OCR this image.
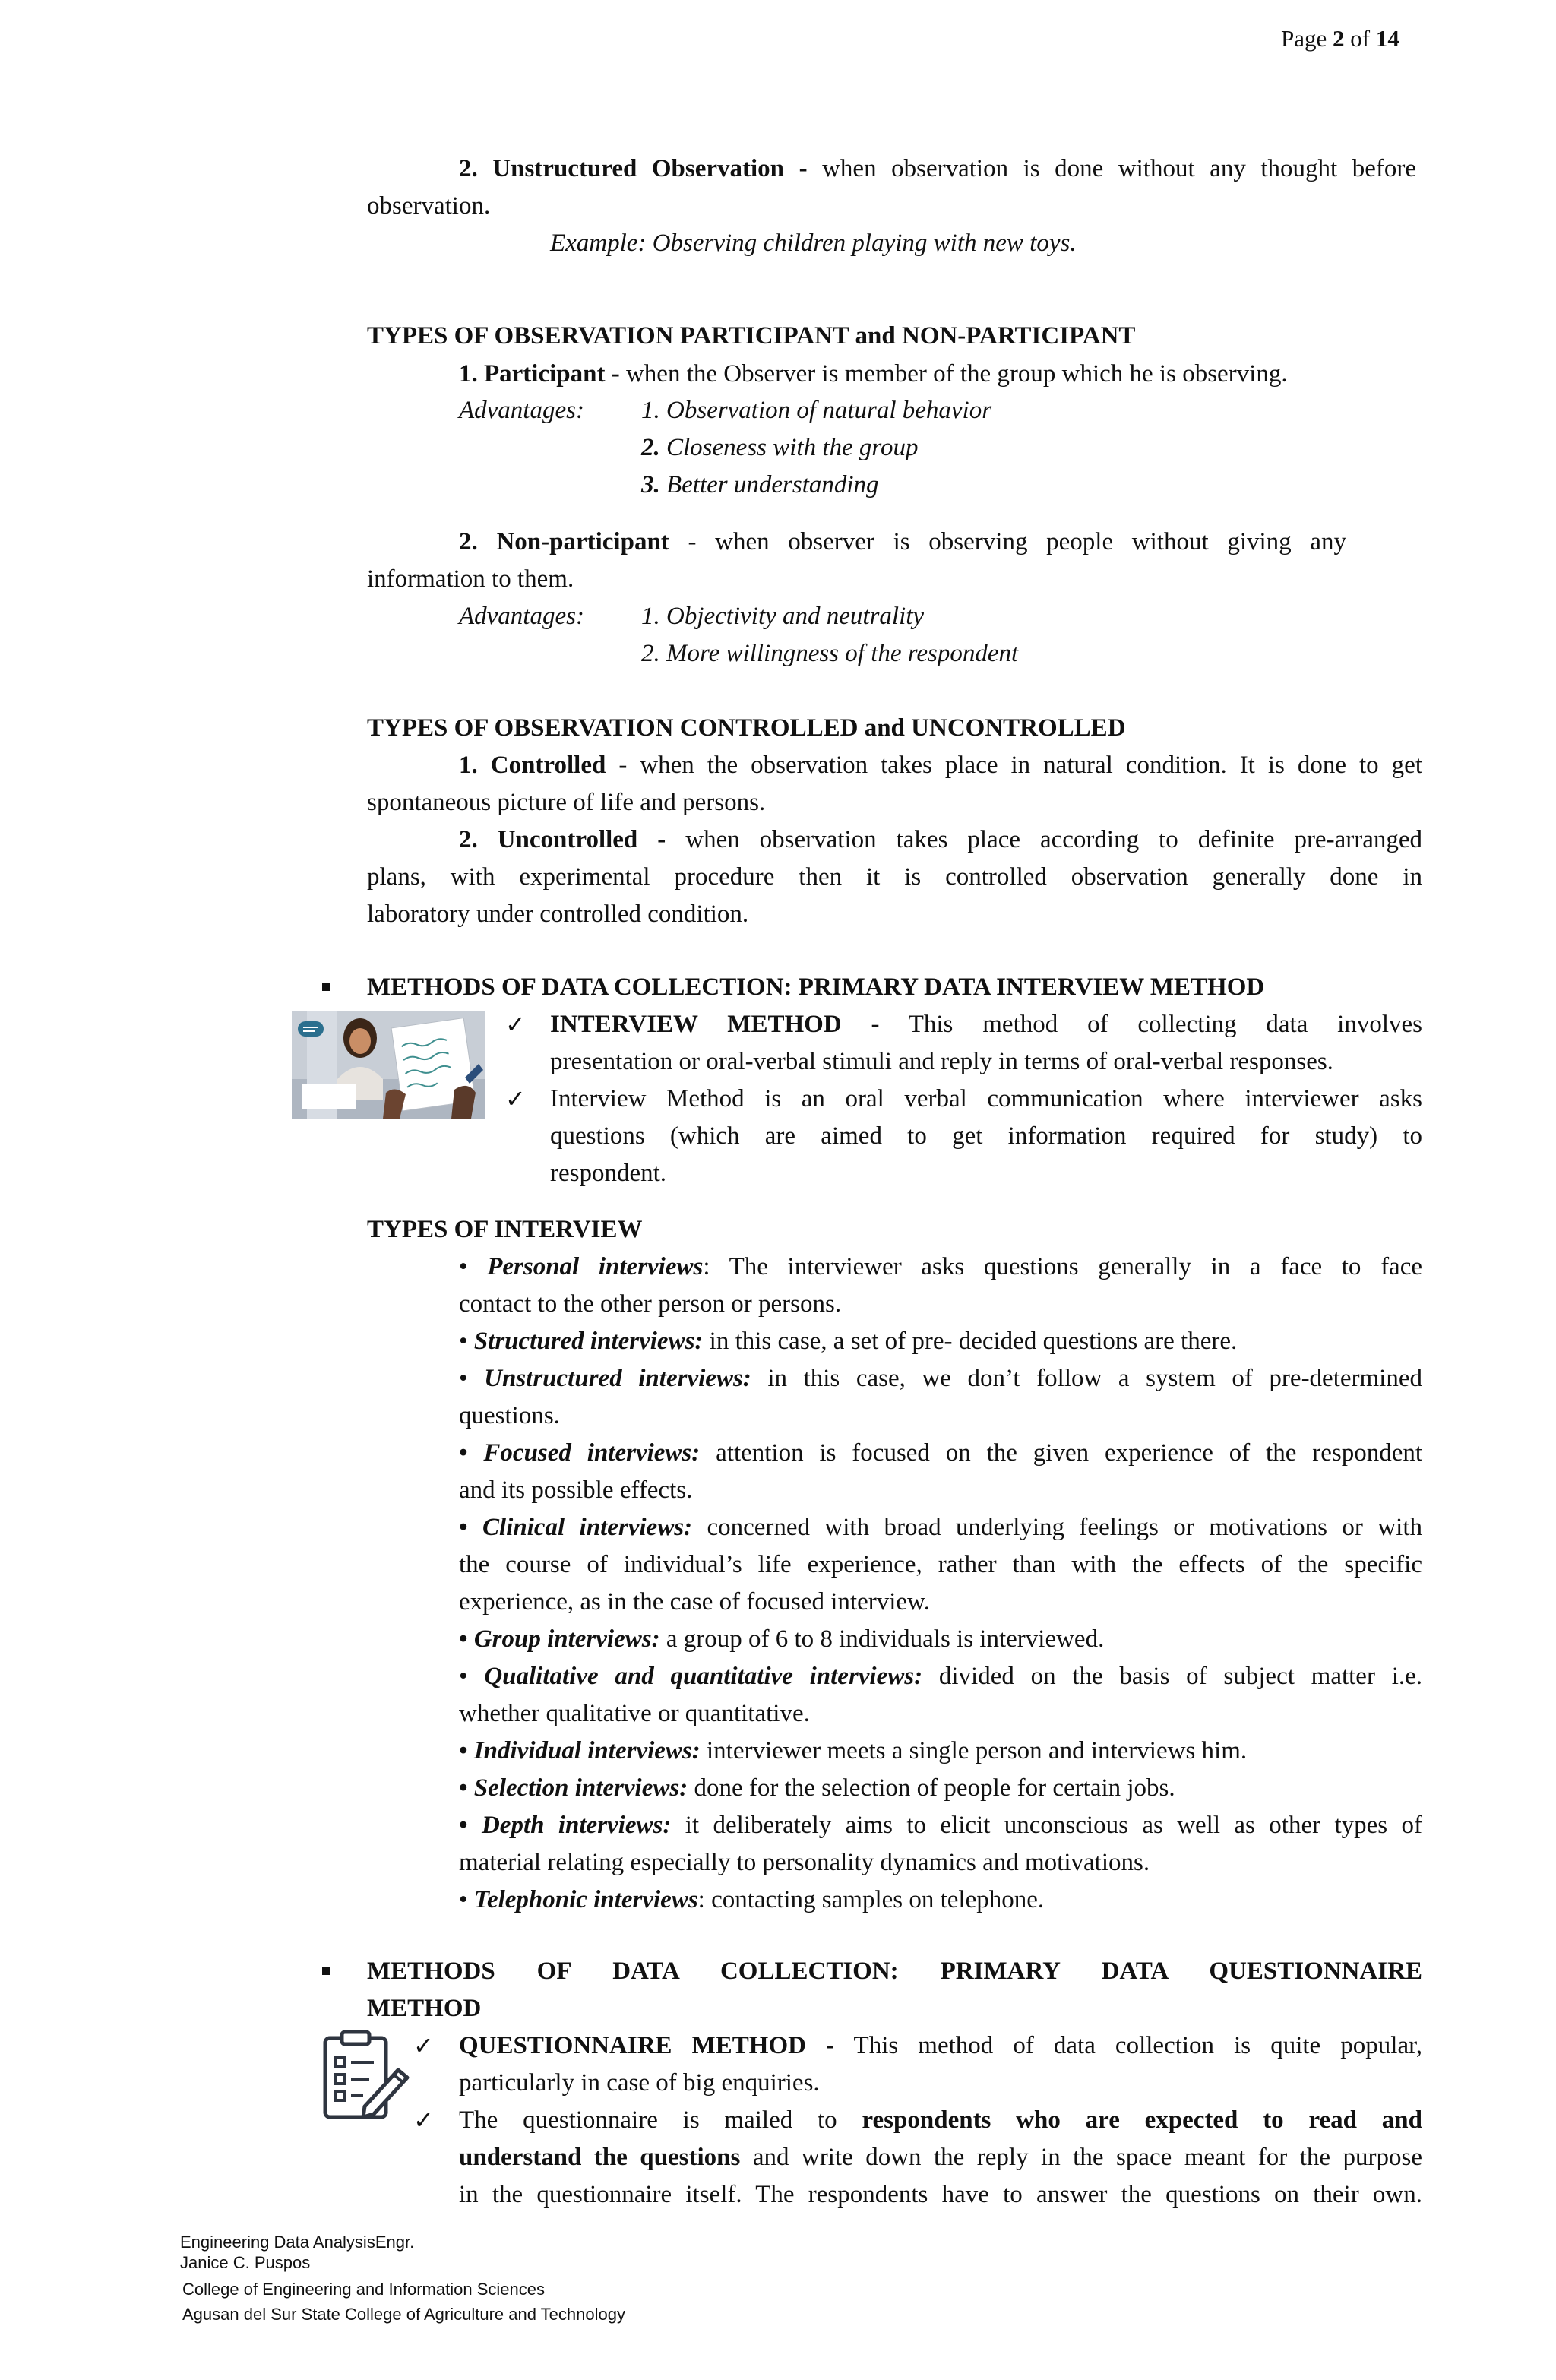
Page 2 of 14
2. Unstructured Observation - when observation is done without any thought before
observation.
Example: Observing children playing with new toys.
TYPES OF OBSERVATION PARTICIPANT and NON-PARTICIPANT
1. Participant - when the Observer is member of the group which he is observing.
Advantages: 1. Observation of natural behavior
2. Closeness with the group
3. Better understanding
2. Non-participant - when observer is observing people without giving any
information to them.
Advantages: 1. Objectivity and neutrality
2. More willingness of the respondent
TYPES OF OBSERVATION CONTROLLED and UNCONTROLLED
1. Controlled - when the observation takes place in natural condition. It is done to get
spontaneous picture of life and persons.
2. Uncontrolled - when observation takes place according to definite pre-arranged
plans, with experimental procedure then it is controlled observation generally done in
laboratory under controlled condition.
METHODS OF DATA COLLECTION: PRIMARY DATA INTERVIEW METHOD
✓ INTERVIEW METHOD - This method of collecting data involves
presentation or oral-verbal stimuli and reply in terms of oral-verbal responses.
✓ Interview Method is an oral verbal communication where interviewer asks
questions (which are aimed to get information required for study) to
respondent.
TYPES OF INTERVIEW
• Personal interviews: The interviewer asks questions generally in a face to face
contact to the other person or persons.
• Structured interviews: in this case, a set of pre- decided questions are there.
• Unstructured interviews: in this case, we don’t follow a system of pre-determined
questions.
• Focused interviews: attention is focused on the given experience of the respondent
and its possible effects.
• Clinical interviews: concerned with broad underlying feelings or motivations or with
the course of individual’s life experience, rather than with the effects of the specific
experience, as in the case of focused interview.
• Group interviews: a group of 6 to 8 individuals is interviewed.
• Qualitative and quantitative interviews: divided on the basis of subject matter i.e.
whether qualitative or quantitative.
• Individual interviews: interviewer meets a single person and interviews him.
• Selection interviews: done for the selection of people for certain jobs.
• Depth interviews: it deliberately aims to elicit unconscious as well as other types of
material relating especially to personality dynamics and motivations.
• Telephonic interviews: contacting samples on telephone.
METHODS OF DATA COLLECTION: PRIMARY DATA QUESTIONNAIRE
METHOD
✓ QUESTIONNAIRE METHOD - This method of data collection is quite popular,
particularly in case of big enquiries.
✓ The questionnaire is mailed to respondents who are expected to read and
understand the questions and write down the reply in the space meant for the purpose
in the questionnaire itself. The respondents have to answer the questions on their own.
Engineering Data AnalysisEngr.
Janice C. Puspos
College of Engineering and Information Sciences
Agusan del Sur State College of Agriculture and Technology
